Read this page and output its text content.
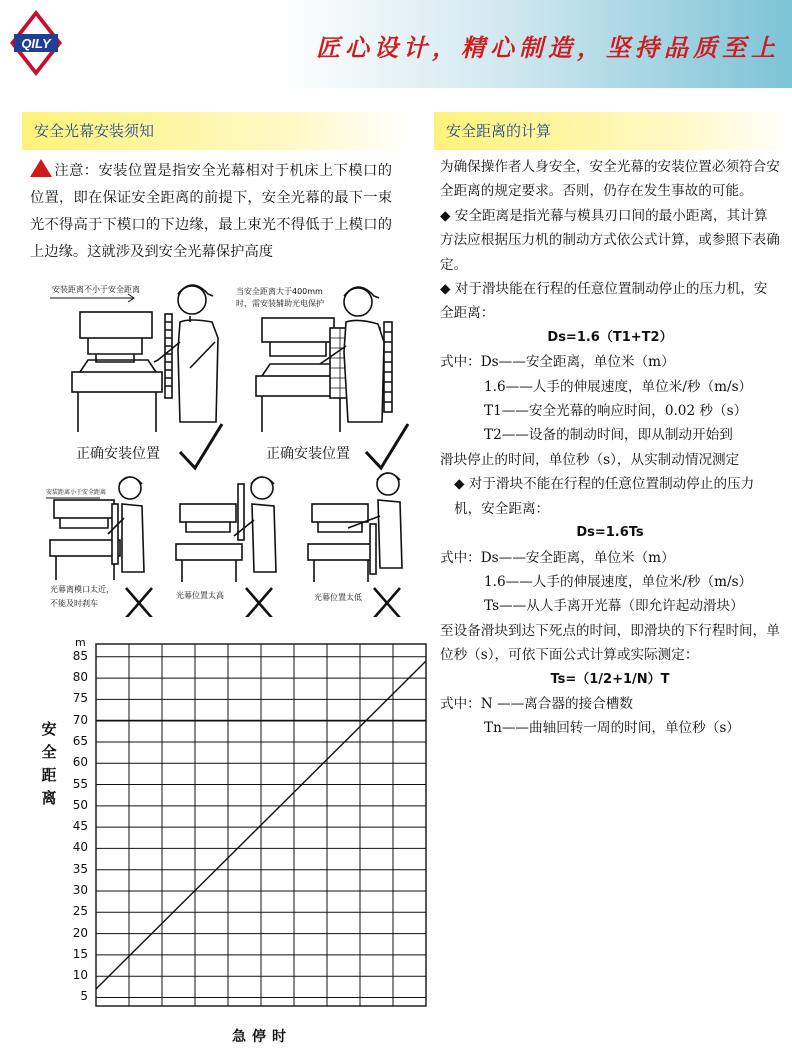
QILY	匠心设计，精心制造，坚持品质至上
安全光幕安装须知
注意：安装位置是指安全光幕相对于机床上下模口的位置，即在保证安全距离的前提下，安全光幕的最下一束光不得高于下模口的下边缘，最上束光不得低于上模口的上边缘。这就涉及到安全光幕保护高度
安装距离不小于安全距离	当安全距离大于400mm
时，需安装辅助光电保护
安装距离小于安全距离
光幕离模口太近，
不能及时刹车
光幕位置太高	光幕位置太低
正确安装位置	正确安装位置
安全距离的计算

为确保操作者人身安全，安全光幕的安装位置必须符合安全距离的规定要求。否则，仍存在发生事故的可能。

◆ 安全距离是指光幕与模具刃口间的最小距离，其计算方法应根据压力机的制动方式依公式计算，或参照下表确定。

◆ 对于滑块能在行程的任意位置制动停止的压力机，安全距离：

Ds=1.6（T1+T2）

式中：Ds——安全距离，单位米（m）

1.6——人手的伸展速度，单位米/秒（m/s）

T1——安全光幕的响应时间，0.02 秒（s）

T2——设备的制动时间，即从制动开始到

滑块停止的时间，单位秒（s），从实制动情况测定

◆ 对于滑块不能在行程的任意位置制动停止的压力机，安全距离：

Ds=1.6Ts

式中：Ds——安全距离，单位米（m）

1.6——人手的伸展速度，单位米/秒（m/s）

Ts——从人手离开光幕（即允许起动滑块）

至设备滑块到达下死点的时间，即滑块的下行程时间，单位秒（s），可依下面公式计算或实际测定：

Ts=（1/2+1/N）T

式中：N ——离合器的接合槽数

Tn——曲轴回转一周的时间，单位秒（s）

m
安全距离
急停时
5
10
15
20
25
30
35
40
45
50
55
60
65
70
75
80
85
